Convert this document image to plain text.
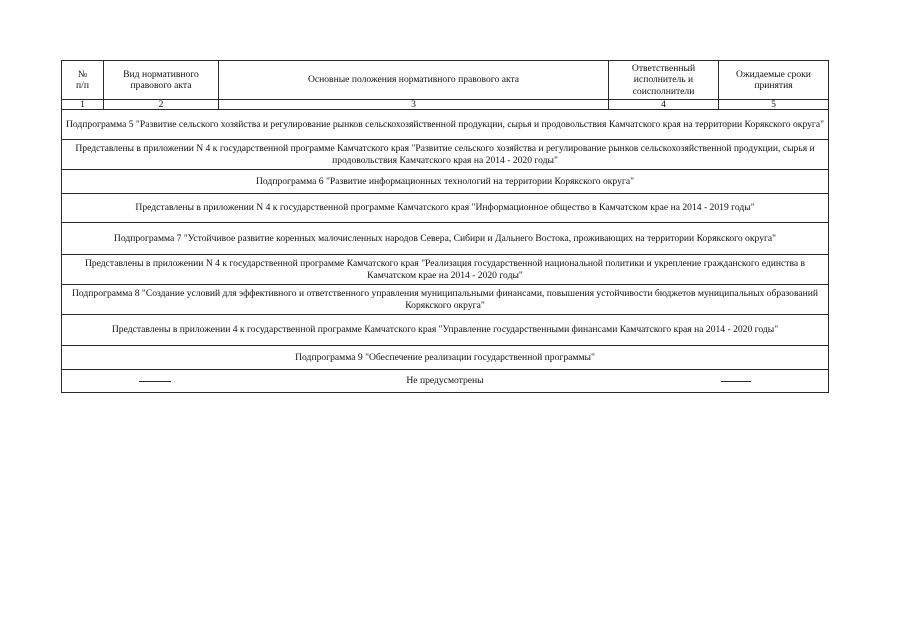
№
п/п	Вид нормативного правового акта	Основные положения нормативного правового акта	Ответственный исполнитель и соисполнители	Ожидаемые сроки принятия
1	2	3	4	5
Подпрограмма 5 "Развитие сельского хозяйства и регулирование рынков сельскохозяйственной продукции, сырья и продовольствия Камчатского края на территории Корякского округа"				
Представлены в приложении N 4 к государственной программе Камчатского края "Развитие сельского хозяйства и регулирование рынков сельскохозяйственной продукции, сырья и продовольствия Камчатского края на 2014 - 2020 годы"				
Подпрограмма 6 "Развитие информационных технологий на территории Корякского округа"				
Представлены в приложении N 4 к государственной программе Камчатского края "Информационное общество в Камчатском крае на 2014 - 2019 годы"				
Подпрограмма 7 "Устойчивое развитие коренных малочисленных народов Севера, Сибири и Дальнего Востока, проживающих на территории Корякского округа"				
Представлены в приложении N 4 к государственной программе Камчатского края "Реализация государственной национальной политики и укрепление гражданского единства в Камчатском крае на 2014 - 2020 годы"				
Подпрограмма 8 "Создание условий для эффективного и ответственного управления муниципальными финансами, повышения устойчивости бюджетов муниципальных образований Корякского округа"				
Представлены в приложении 4 к государственной программе Камчатского края "Управление государственными финансами Камчатского края на 2014 - 2020 годы"				
Подпрограмма 9 "Обеспечение реализации государственной программы"				

Не предусмотрены				
